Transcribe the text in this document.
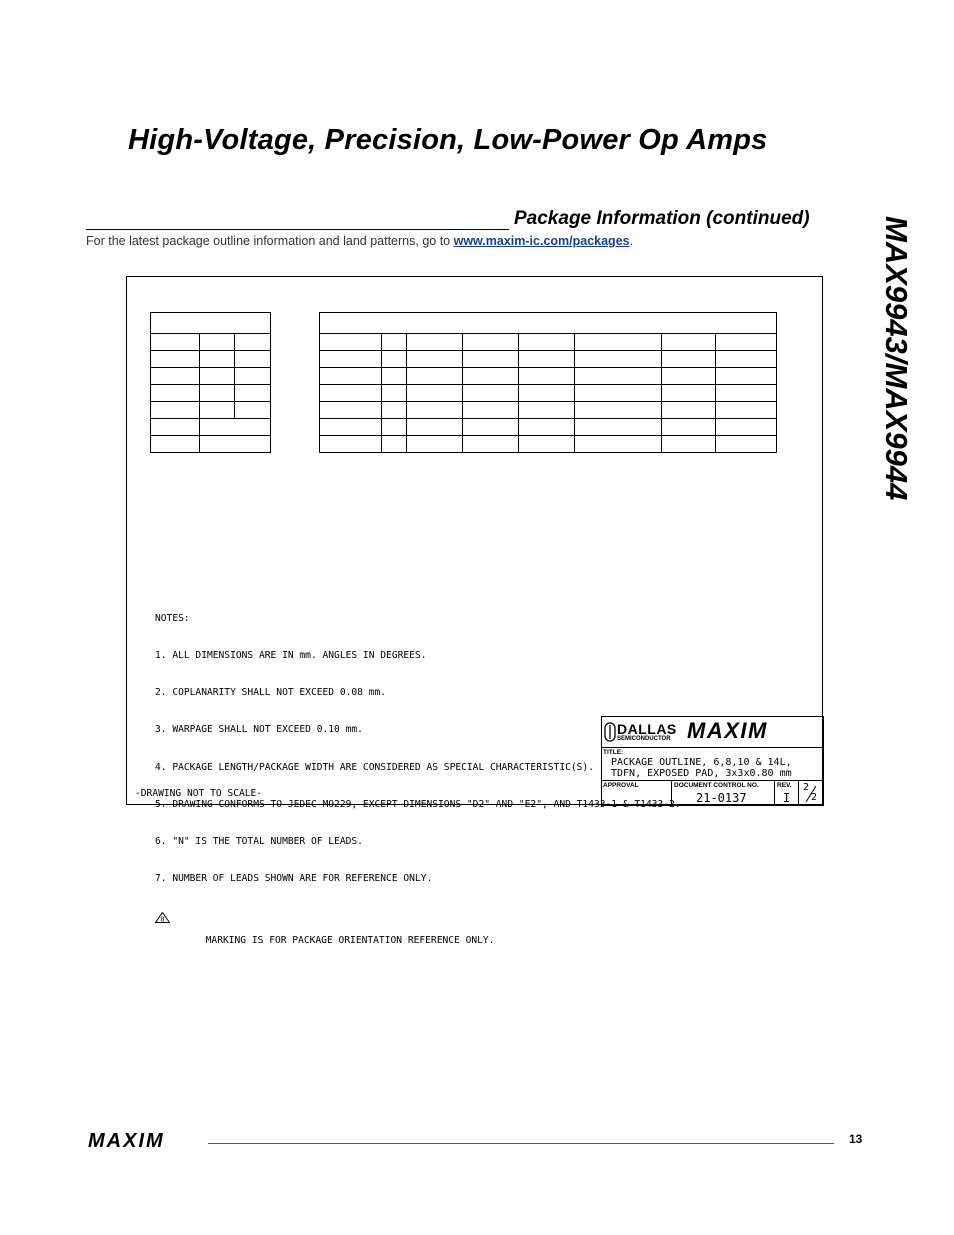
High-Voltage, Precision, Low-Power Op Amps
MAX9943/MAX9944
Package Information (continued)
For the latest package outline information and land patterns, go to www.maxim-ic.com/packages.

NOTES:

1. ALL DIMENSIONS ARE IN mm. ANGLES IN DEGREES.

2. COPLANARITY SHALL NOT EXCEED 0.08 mm.

3. WARPAGE SHALL NOT EXCEED 0.10 mm.

4. PACKAGE LENGTH/PACKAGE WIDTH ARE CONSIDERED AS SPECIAL CHARACTERISTIC(S).

5. DRAWING CONFORMS TO JEDEC MO229, EXCEPT DIMENSIONS "D2" AND "E2", AND T1433-1 & T1433-2.

6. "N" IS THE TOTAL NUMBER OF LEADS.

7. NUMBER OF LEADS SHOWN ARE FOR REFERENCE ONLY.

8

MARKING IS FOR PACKAGE ORIENTATION REFERENCE ONLY.

-DRAWING NOT TO SCALE-
DALLAS
SEMICONDUCTOR MAXIM
TITLE:
PACKAGE OUTLINE, 6,8,10 & 14L,
TDFN, EXPOSED PAD, 3x3x0.80 mm
APPROVAL	DOCUMENT CONTROL NO.
21-0137
REV.
I
2
2
MAXIM	13
